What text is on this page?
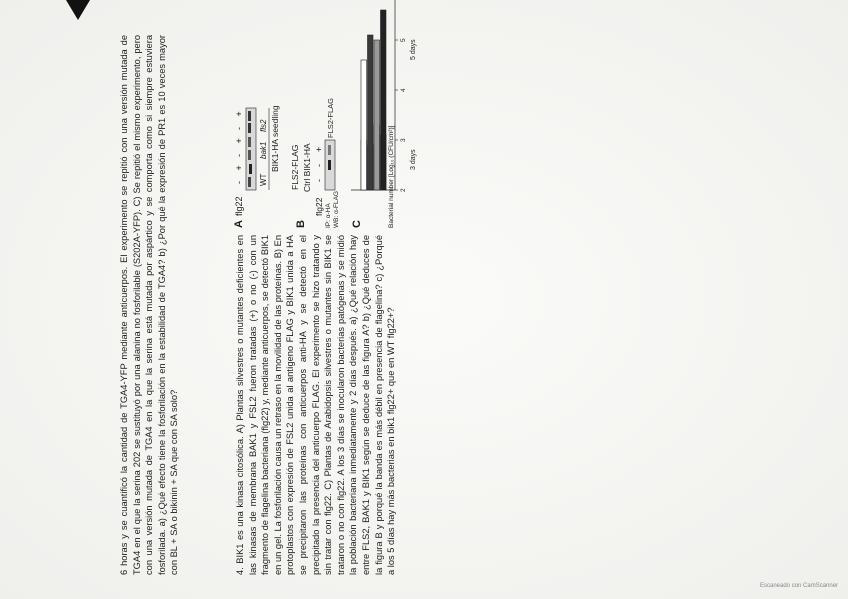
6 horas y se cuantificó la cantidad de TGA4-YFP mediante anticuerpos. El experimento se repitió con una versión mutada de TGA4 en el que la serina 202 se sustituyó por una alanina no fosforilable (S202A-YFP). C) Se repitió el mismo experimento, pero con una versión mutada de TGA4 en la que la serina está mutada por aspártico y se comporta como si siempre estuviera fosforilada. a) ¿Qué efecto tiene la fosforilación en la estabilidad de TGA4? b) ¿Por qué la expresión de PR1 es 10 veces mayor con BL + SA o bikinin + SA que con SA solo?	4. BIK1 es una kinasa citosólica. A) Plantas silvestres o mutantes deficientes en las kinasas de membrana BAK1 y FSL2 fueron tratadas (+) o no (-) con un fragmento de flagelina bacteriana (flg22) y, mediante anticuerpos, se detectó BIK1 en un gel. La fosforilación causa un retraso en la movilidad de las proteínas. B) En protoplastos con expresión de FSL2 unida al antígeno FLAG y BIK1 unida a HA se precipitaron las proteínas con anticuerpos anti-HA y se detectó en el precipitado la presencia del anticuerpo FLAG. El experimento se hizo tratando y sin tratar con flg22. C) Plantas de Arabidopsis silvestres o mutantes sin BIK1 se trataron o no con flg22. A los 3 días se inocularon bacterias patógenas y se midió la población bacteriana inmediatamente y 2 días después. a) ¿Qué relación hay entre FLS2, BAK1 y BIK1 según se deduce de las figura A? b) ¿Qué deduces de la figura B y porqué la banda es más débil en presencia de flagelina? c) ¿Porqué a los 5 días hay más bacterias en bik1 flg22+ que en WT flg22+?

A
flg22
-
+
-
+
-
+
WT
bak1
fls2 BIK1-HA seedling
B
FLS2-FLAG Ctrl BIK1-HA
flg22
-
-
+
FLS2-FLAG
IP: α-HA WB: α-FLAG C	Bacterial number [Log₁₀ (CFU/cm²)] 2
3
4
5
3 days
5 days
Escaneado con CamScanner
